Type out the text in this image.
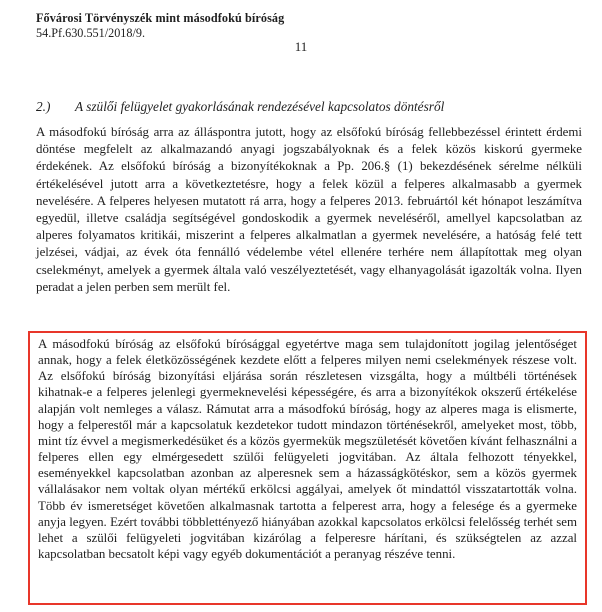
Fővárosi Törvényszék mint másodfokú bíróság
54.Pf.630.551/2018/9.
11
2.) A szülői felügyelet gyakorlásának rendezésével kapcsolatos döntésről

A másodfokú bíróság arra az álláspontra jutott, hogy az elsőfokú bíróság fellebbezéssel érintett érdemi döntése megfelelt az alkalmazandó anyagi jogszabályoknak és a felek közös kiskorú gyermeke érdekének. Az elsőfokú bíróság a bizonyítékoknak a Pp. 206.§ (1) bekezdésének sérelme nélküli értékelésével jutott arra a következtetésre, hogy a felek közül a felperes alkalmasabb a gyermek nevelésére. A felperes helyesen mutatott rá arra, hogy a felperes 2013. februártól két hónapot leszámítva egyedül, illetve családja segítségével gondoskodik a gyermek neveléséről, amellyel kapcsolatban az alperes folyamatos kritikái, miszerint a felperes alkalmatlan a gyermek nevelésére, a hatóság felé tett jelzései, vádjai, az évek óta fennálló védelembe vétel ellenére terhére nem állapítottak meg olyan cselekményt, amelyek a gyermek általa való veszélyeztetését, vagy elhanyagolását igazolták volna. Ilyen peradat a jelen perben sem merült fel.

A másodfokú bíróság az elsőfokú bírósággal egyetértve maga sem tulajdonított jogilag jelentőséget annak, hogy a felek életközösségének kezdete előtt a felperes milyen nemi cselekmények részese volt. Az elsőfokú bíróság bizonyítási eljárása során részletesen vizsgálta, hogy a múltbéli történések kihatnak-e a felperes jelenlegi gyermeknevelési képességére, és arra a bizonyítékok okszerű értékelése alapján volt nemleges a válasz. Rámutat arra a másodfokú bíróság, hogy az alperes maga is elismerte, hogy a felperestől már a kapcsolatuk kezdetekor tudott mindazon történésekről, amelyeket most, több, mint tíz évvel a megismerkedésüket és a közös gyermekük megszületését követően kívánt felhasználni a felperes ellen egy elmérgesedett szülői felügyeleti jogvitában. Az általa felhozott tényekkel, eseményekkel kapcsolatban azonban az alperesnek sem a házasságkötéskor, sem a közös gyermek vállalásakor nem voltak olyan mértékű erkölcsi aggályai, amelyek őt mindattól visszatartották volna. Több év ismeretséget követően alkalmasnak tartotta a felperest arra, hogy a felesége és a gyermeke anyja legyen. Ezért további többlettényező hiányában azokkal kapcsolatos erkölcsi felelősség terhét sem lehet a szülői felügyeleti jogvitában kizárólag a felperesre hárítani, és szükségtelen az azzal kapcsolatban becsatolt képi vagy egyéb dokumentációt a peranyag részéve tenni.
